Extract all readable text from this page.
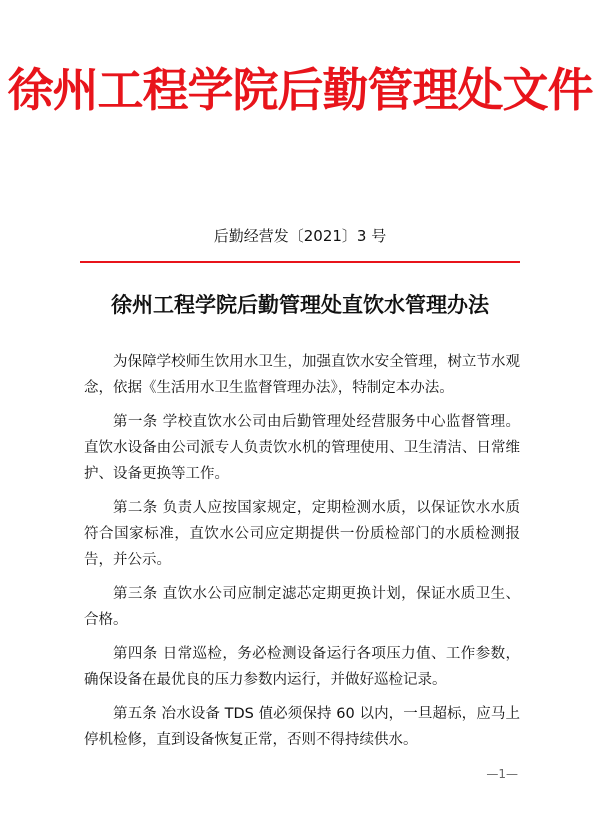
徐州工程学院后勤管理处文件
后勤经营发〔2021〕3 号
徐州工程学院后勤管理处直饮水管理办法

为保障学校师生饮用水卫生，加强直饮水安全管理，树立节水观念，依据《生活用水卫生监督管理办法》，特制定本办法。

第一条 学校直饮水公司由后勤管理处经营服务中心监督管理。直饮水设备由公司派专人负责饮水机的管理使用、卫生清洁、日常维护、设备更换等工作。

第二条 负责人应按国家规定，定期检测水质，以保证饮水水质符合国家标准，直饮水公司应定期提供一份质检部门的水质检测报告，并公示。

第三条 直饮水公司应制定滤芯定期更换计划，保证水质卫生、合格。

第四条 日常巡检，务必检测设备运行各项压力值、工作参数，确保设备在最优良的压力参数内运行，并做好巡检记录。

第五条 冶水设备 TDS 值必须保持 60 以内，一旦超标，应马上停机检修，直到设备恢复正常，否则不得持续供水。

—1—
